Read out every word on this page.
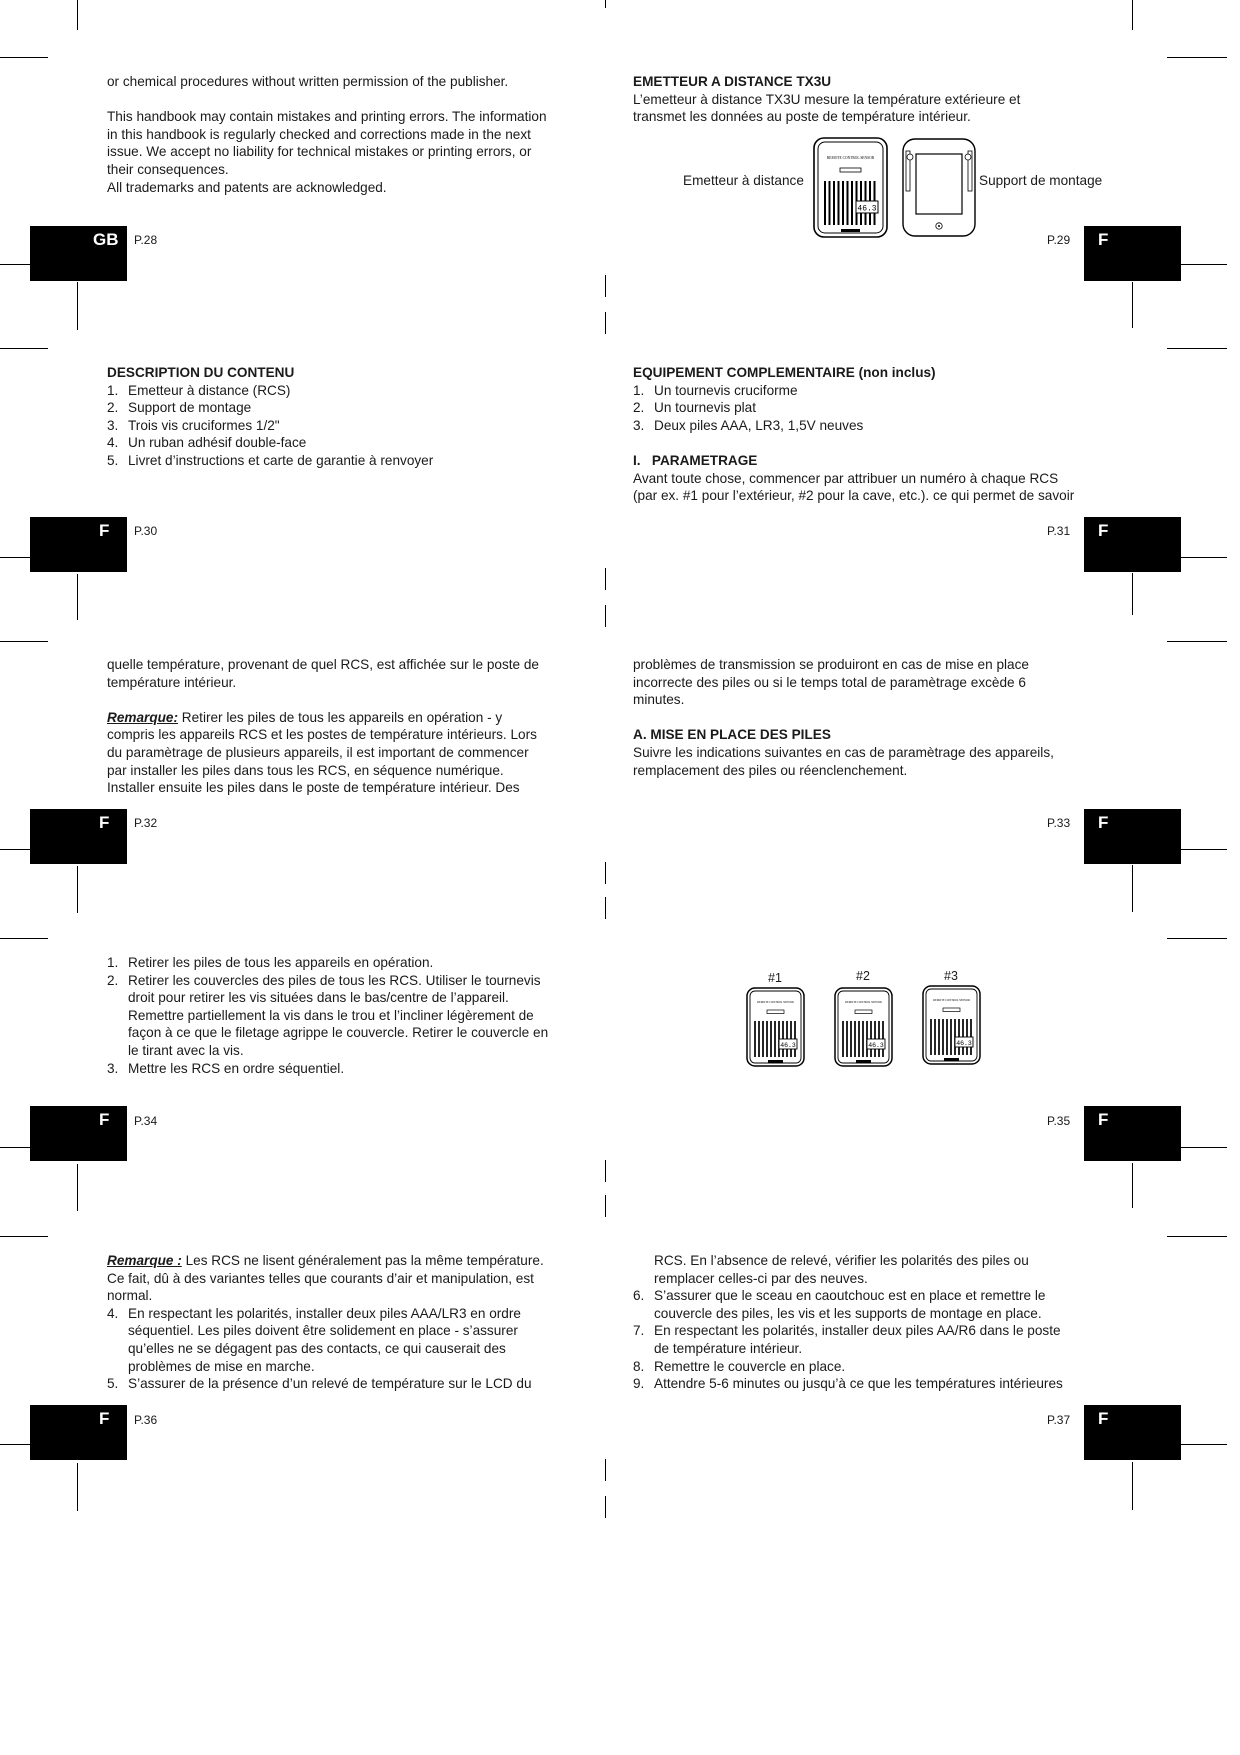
or chemical procedures without written permission of the publisher.

This handbook may contain mistakes and printing errors. The information

in this handbook is regularly checked and corrections made in the next

issue. We accept no liability for technical mistakes or printing errors, or

their consequences.

All trademarks and patents are acknowledged.

GB P.28

EMETTEUR A DISTANCE TX3U

L’emetteur à distance TX3U mesure la température extérieure et

transmet les données au poste de température intérieur.

Emetteur à distance	Support de montage
REMOTE CONTROL SENSOR
46.3
P.29 F

DESCRIPTION DU CONTENU

1. Emetteur à distance (RCS)
2. Support de montage
3. Trois vis cruciformes 1/2"
4. Un ruban adhésif double-face
5. Livret d’instructions et carte de garantie à renvoyer
F P.30

EQUIPEMENT COMPLEMENTAIRE (non inclus)

1. Un tournevis cruciforme
2. Un tournevis plat
3. Deux piles AAA, LR3, 1,5V neuves

I.   PARAMETRAGE

Avant toute chose, commencer par attribuer un numéro à chaque RCS

(par ex. #1 pour l’extérieur, #2 pour la cave, etc.). ce qui permet de savoir

P.31 F

quelle température, provenant de quel RCS, est affichée sur le poste de

température intérieur.

Remarque: Retirer les piles de tous les appareils en opération - y

compris les appareils RCS et les postes de température intérieurs. Lors

du paramètrage de plusieurs appareils, il est important de commencer

par installer les piles dans tous les RCS, en séquence numérique.

Installer ensuite les piles dans le poste de température intérieur. Des

F P.32

problèmes de transmission se produiront en cas de mise en place

incorrecte des piles ou si le temps total de paramètrage excède 6

minutes.

A. MISE EN PLACE DES PILES

Suivre les indications suivantes en cas de paramètrage des appareils,

remplacement des piles ou réenclenchement.

P.33 F
1. Retirer les piles de tous les appareils en opération.

2. Retirer les couvercles des piles de tous les RCS. Utiliser le tournevis

droit pour retirer les vis situées dans le bas/centre de l’appareil.

Remettre partiellement la vis dans le trou et l’incliner légèrement de

façon à ce que le filetage agrippe le couvercle. Retirer le couvercle en

le tirant avec la vis.

3. Mettre les RCS en ordre séquentiel.

F P.34
#1	#2	#3
REMOTE CONTROL SENSOR
46.3
REMOTE CONTROL SENSOR
46.3
REMOTE CONTROL SENSOR
46.3
P.35 F

Remarque : Les RCS ne lisent généralement pas la même température.

Ce fait, dû à des variantes telles que courants d’air et manipulation, est

normal.

4. En respectant les polarités, installer deux piles AAA/LR3 en ordre

séquentiel. Les piles doivent être solidement en place - s’assurer

qu’elles ne se dégagent pas des contacts, ce qui causerait des

problèmes de mise en marche.

5. S’assurer de la présence d’un relevé de température sur le LCD du

F P.36

RCS. En l’absence de relevé, vérifier les polarités des piles ou

remplacer celles-ci par des neuves.

6. S’assurer que le sceau en caoutchouc est en place et remettre le

couvercle des piles, les vis et les supports de montage en place.

7. En respectant les polarités, installer deux piles AA/R6 dans le poste

de température intérieur.

8. Remettre le couvercle en place.

9. Attendre 5-6 minutes ou jusqu’à ce que les températures intérieures

P.37 F
